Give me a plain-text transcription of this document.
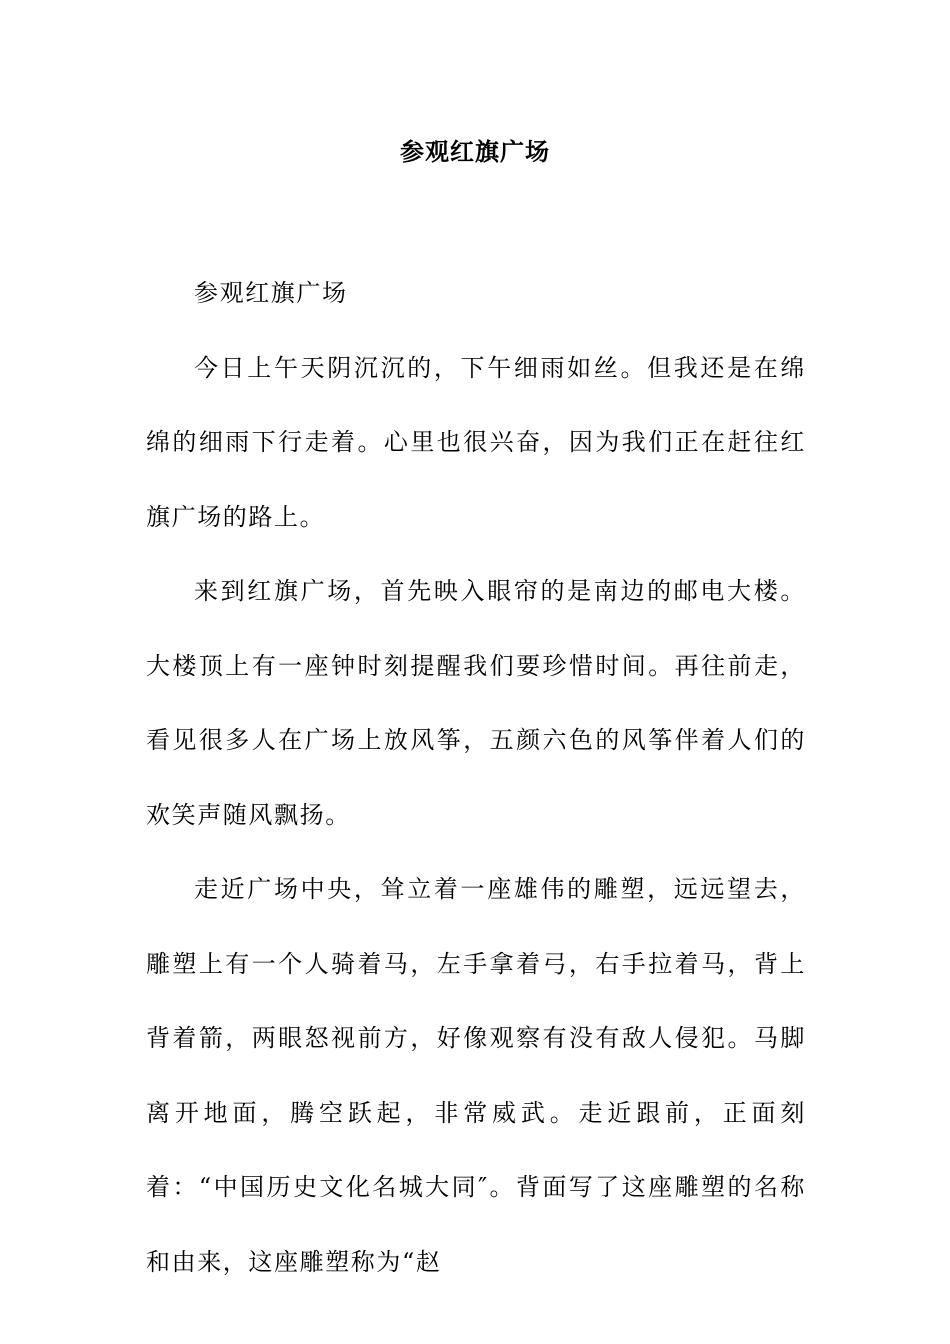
参观红旗广场

参观红旗广场

今日上午天阴沉沉的，下午细雨如丝。但我还是在绵绵的细雨下行走着。心里也很兴奋，因为我们正在赶往红旗广场的路上。

来到红旗广场，首先映入眼帘的是南边的邮电大楼。大楼顶上有一座钟时刻提醒我们要珍惜时间。再往前走，看见很多人在广场上放风筝，五颜六色的风筝伴着人们的欢笑声随风飘扬。

走近广场中央，耸立着一座雄伟的雕塑，远远望去，雕塑上有一个人骑着马，左手拿着弓，右手拉着马，背上背着箭，两眼怒视前方，好像观察有没有敌人侵犯。马脚离开地面，腾空跃起，非常威武。走近跟前，正面刻着：“中国历史文化名城大同″。背面写了这座雕塑的名称和由来，这座雕塑称为“赵
